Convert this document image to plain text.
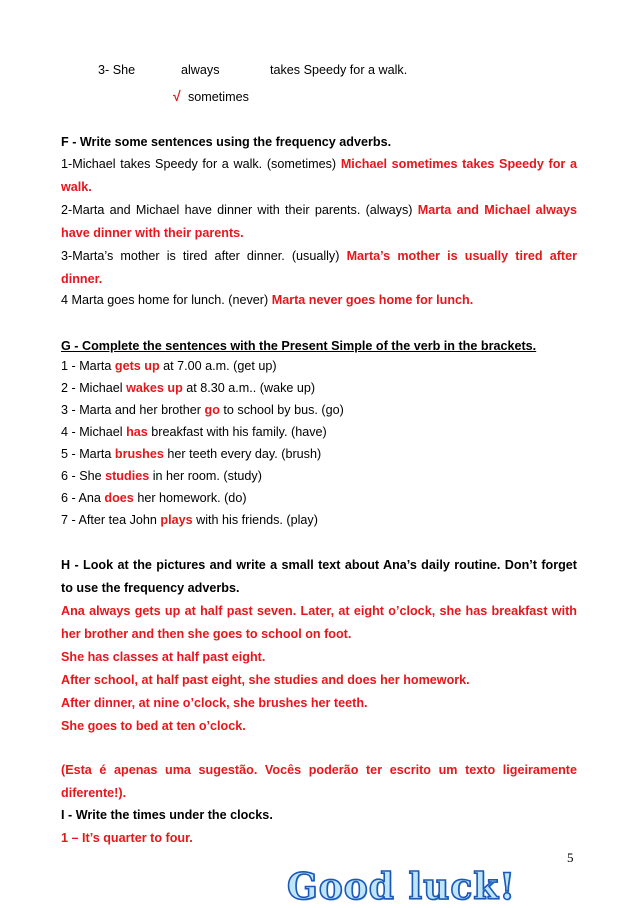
3- She	always	takes Speedy for a walk.
√ sometimes
F - Write some sentences using the frequency adverbs.
1-Michael takes Speedy for a walk. (sometimes) Michael sometimes takes Speedy for a
walk.
2-Marta and Michael have dinner with their parents. (always) Marta and Michael always
have dinner with their parents.
3-Marta’s mother is tired after dinner. (usually) Marta’s mother is usually tired after
dinner.
4 Marta goes home for lunch. (never) Marta never goes home for lunch.
G - Complete the sentences with the Present Simple of the verb in the brackets.
1 - Marta gets up at 7.00 a.m. (get up)
2 - Michael wakes up at 8.30 a.m.. (wake up)
3 - Marta and her brother go to school by bus. (go)
4 - Michael has breakfast with his family. (have)
5 - Marta brushes her teeth every day. (brush)
6 - She studies in her room. (study)
6 - Ana does her homework. (do)
7 - After tea John plays with his friends. (play)
H - Look at the pictures and write a small text about Ana’s daily routine. Don’t forget
to use the frequency adverbs.
Ana always gets up at half past seven. Later, at eight o’clock, she has breakfast with
her brother and then she goes to school on foot.
She has classes at half past eight.
After school, at half past eight, she studies and does her homework.
After dinner, at nine o’clock, she brushes her teeth.
She goes to bed at ten o’clock.
(Esta é apenas uma sugestão. Vocês poderão ter escrito um texto ligeiramente
diferente!).
I - Write the times under the clocks.
1 – It’s quarter to four.
5
Good luck!
